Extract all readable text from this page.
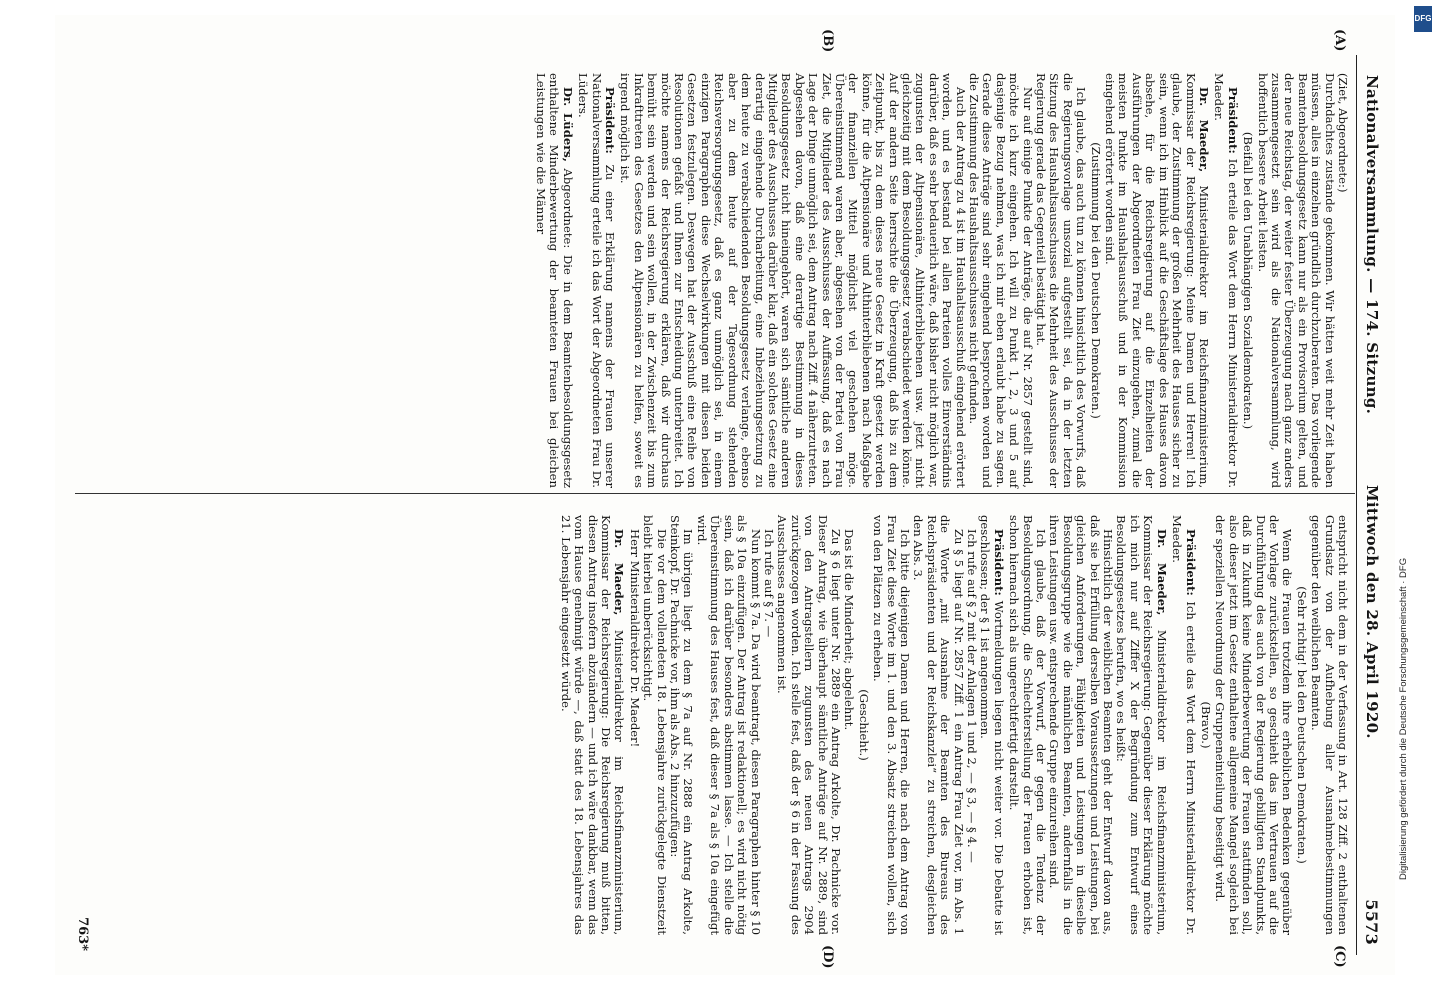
Nationalversammlung. — 174. Sitzung.
Mittwoch den 28. April 1920.
5573
(A)
(B)
(C)
(D)

(Ziet, Abgeordnete:)

Durchdachtes zustande gekommen. Wir hätten weit mehr Zeit haben müssen, alles in einzelnen gründlich durchzuberaten. Das vorliegende Beamtenbesoldungsgesetz kann nur als ein Provisorium gelten, und der neue Reichstag, der weiter fester Überzeugung nach ganz anders zusammengesetzt sein wird als die Nationalversammlung, wird hoffentlich bessere Arbeit leisten.

(Beifall bei den Unabhängigen Sozialdemokraten.)

Präsident: Ich erteile das Wort dem Herrn Ministerialdirektor Dr. Maeder.

Dr. Maeder, Ministerialdirektor im Reichsfinanzministerium, Kommissar der Reichsregierung: Meine Damen und Herren! Ich glaube, der Zustimmung der großen Mehrheit des Hauses sicher zu sein, wenn ich im Hinblick auf die Geschäftslage des Hauses davon absehe, für die Reichsregierung auf die Einzelheiten der Ausführungen der Abgeordneten Frau Ziet einzugehen, zumal die meisten Punkte im Haushaltsausschuß und in der Kommission eingehend erörtert worden sind.

(Zustimmung bei den Deutschen Demokraten.)

Ich glaube, das auch tun zu können hinsichtlich des Vorwurfs, daß die Regierungsvorlage unsozial aufgestellt sei, da in der letzten Sitzung des Haushaltsausschusses die Mehrheit des Ausschusses der Regierung gerade das Gegenteil bestätigt hat.

Nur auf einige Punkte der Anträge, die auf Nr. 2857 gestellt sind, möchte ich kurz eingehen. Ich will zu Punkt 1, 2, 3 und 5 auf dasjenige Bezug nehmen, was ich mir eben erlaubt habe zu sagen. Gerade diese Anträge sind sehr eingehend besprochen worden und die Zustimmung des Haushaltsausschusses nicht gefunden.

Auch der Antrag zu 4 ist im Haushaltsausschuß eingehend erörtert worden, und es bestand bei allen Parteien volles Einverständnis darüber, daß es sehr bedauerlich wäre, daß bisher nicht möglich war, zugunsten der Altpensionäre, Althinterbliebenen usw. jetzt nicht gleichzeitig mit dem Besoldungsgesetz verabschiedet werden könne. Auf der andern Seite herrschte die Überzeugung, daß bis zu dem Zeitpunkt, bis zu dem dieses neue Gesetz in Kraft gesetzt werden könne, für die Altpensionäre und Althinterbliebenen nach Maßgabe der finanziellen Mittel möglichst viel geschehen möge. Übereinstimmend waren aber, abgesehen von der Partei von Frau Ziet, die Mitglieder des Ausschusses der Auffassung, daß es nach Lage der Dinge unmöglich sei, dem Antrag nach Ziff. 4 näherzutreten. Abgesehen davon, daß eine derartige Bestimmung in dieses Besoldungsgesetz nicht hineingehört, waren sich sämtliche anderen Mitglieder des Ausschusses darüber klar, daß ein solches Gesetz eine derartig eingehende Durcharbeitung, eine Inbeziehungsetzung zu dem heute zu verabschiedenden Besoldungsgesetz verlange, ebenso aber zu dem heute auf der Tagesordnung stehenden Reichsversorgungsgesetz, daß es ganz unmöglich sei, in einem einzigen Paragraphen diese Wechselwirkungen mit diesen beiden Gesetzen festzulegen. Deswegen hat der Ausschuß eine Reihe von Resolutionen gefaßt und Ihnen zur Entscheidung unterbreitet. Ich möchte namens der Reichsregierung erklären, daß wir durchaus bemüht sein werden und sein wollen, in der Zwischenzeit bis zum Inkrafttreten des Gesetzes den Altpensionären zu helfen, soweit es irgend möglich ist.

Präsident: Zu einer Erklärung namens der Frauen unserer Nationalversammlung erteile ich das Wort der Abgeordneten Frau Dr. Lüders.

Dr. Lüders, Abgeordnete: Die in dem Beamtenbesoldungsgesetz enthaltene Minderbewertung der beamteten Frauen bei gleichen Leistungen wie die Männer

entspricht nicht dem in der Verfassung in Art. 128 Ziff. 2 enthaltenen Grundsatz von der Aufhebung aller Ausnahmebestimmungen gegenüber den weiblichen Beamten.

(Sehr richtig! bei den Deutschen Demokraten.)

Wenn die Frauen trotzdem ihre erheblichen Bedenken gegenüber der Vorlage zurückstellen, so geschieht das im Vertrauen auf die Durchführung des auch von der Regierung gebilligten Standpunkts, daß in Zukunft keine Minderbewertung der Frauen stattfinden soll, also dieser jetzt im Gesetz enthaltene allgemeine Mangel sogleich bei der speziellen Neuordnung der Gruppeneinteilung beseitigt wird.

(Bravo.)

Präsident: Ich erteile das Wort dem Herrn Ministerialdirektor Dr. Maeder.

Dr. Maeder, Ministerialdirektor im Reichsfinanzministerium, Kommissar der Reichsregierung: Gegenüber dieser Erklärung möchte ich mich nur auf Ziffer X der Begründung zum Entwurf eines Besoldungsgesetzes berufen, wo es heißt:

Hinsichtlich der weiblichen Beamten geht der Entwurf davon aus, daß sie bei Erfüllung derselben Voraussetzungen und Leistungen, bei gleichen Anforderungen, Fähigkeiten und Leistungen in dieselbe Besoldungsgruppe wie die männlichen Beamten, andernfalls in die ihren Leistungen usw. entsprechende Gruppe einzureihen sind.

Ich glaube, daß der Vorwurf, der gegen die Tendenz der Besoldungsordnung, die Schlechterstellung der Frauen erhoben ist, schon hiernach sich als ungerechtfertigt darstellt.

Präsident: Wortmeldungen liegen nicht weiter vor. Die Debatte ist geschlossen; der § 1 ist angenommen.

Ich rufe auf § 2 mit der Anlagen 1 und 2, — § 3, — § 4. —

Zu § 5 liegt auf Nr. 2857 Ziff. 1 ein Antrag Frau Ziet vor, im Abs. 1 die Worte „mit Ausnahme der Beamten des Bureaus des Reichspräsidenten und der Reichskanzlei“ zu streichen, desgleichen den Abs. 3.

Ich bitte diejenigen Damen und Herren, die nach dem Antrag von Frau Ziet diese Worte im 1. und den 3. Absatz streichen wollen, sich von den Plätzen zu erheben.

(Geschieht.)

Das ist die Minderheit; abgelehnt.

Zu § 6 liegt unter Nr. 2889 ein Antrag Arkolte, Dr. Pachnicke vor. Dieser Antrag, wie überhaupt sämtliche Anträge auf Nr. 2889, sind von den Antragstellern zugunsten des neuen Antrags 2904 zurückgezogen worden. Ich stelle fest, daß der § 6 in der Fassung des Ausschusses angenommen ist.

Ich rufe auf § 7. —

Nun kommt § 7a. Da wird beantragt, diesen Paragraphen hinter § 10 als § 10a einzufügen. Der Antrag ist redaktionell; es wird nicht nötig sein, daß ich darüber besonders abstimmen lasse. — Ich stelle die Übereinstimmung des Hauses fest, daß dieser § 7a als § 10a eingefügt wird.

Im übrigen liegt zu dem § 7a auf Nr. 2888 ein Antrag Arkolte, Steinkopf, Dr. Pachnicke vor, ihm als Abs. 2 hinzuzufügen:

Die vor dem vollendeten 18. Lebensjahre zurückgelegte Dienstzeit bleibt hierbei unberücksichtigt.

Herr Ministerialdirektor Dr. Maeder!

Dr. Maeder, Ministerialdirektor im Reichsfinanzministerium, Kommissar der Reichsregierung: Die Reichsregierung muß bitten, diesen Antrag insofern abzuändern — und ich wäre dankbar, wenn das vom Hause genehmigt würde —, daß statt des 18. Lebensjahres das 21. Lebensjahr eingesetzt würde.

763*
Digitalisierung gefördert durch die Deutsche Forschungsgemeinschaft · DFG
DFG
